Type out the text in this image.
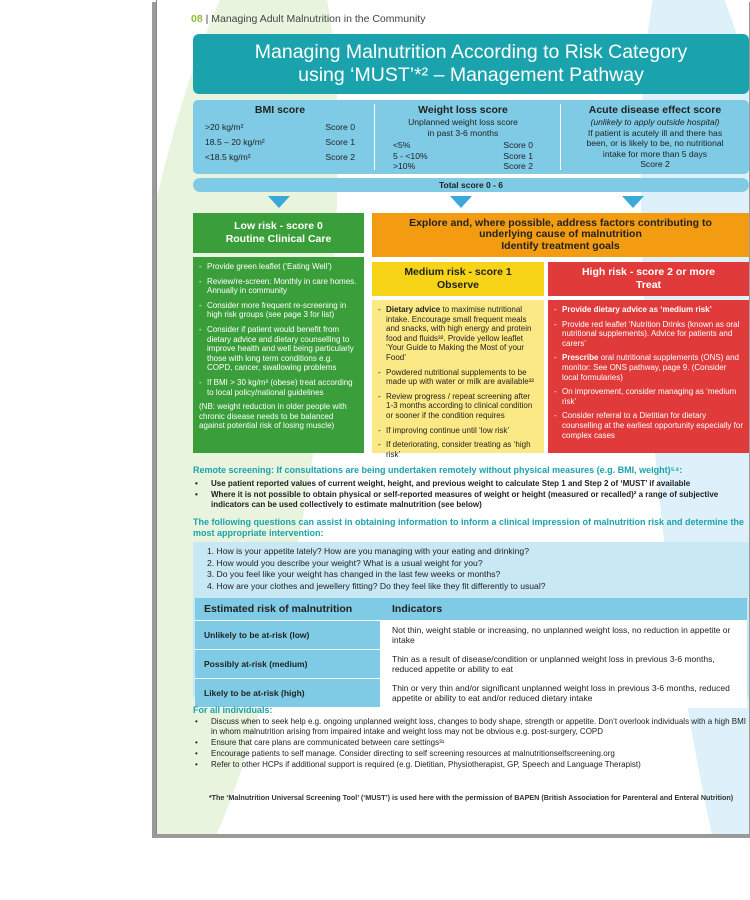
08 | Managing Adult Malnutrition in the Community
Managing Malnutrition According to Risk Category
using ‘MUST’*² – Management Pathway
BMI score
>20 kg/m²	Score 0
18.5 – 20 kg/m²	Score 1
<18.5 kg/m²	Score 2
Weight loss score
Unplanned weight loss score
in past 3-6 months
<5%	Score 0
5 - <10%	Score 1
>10%	Score 2
Acute disease effect score
(unlikely to apply outside hospital)
If patient is acutely ill and there has
been, or is likely to be, no nutritional
intake for more than 5 days
Score 2
Total score 0 - 6
Low risk - score 0
Routine Clinical Care
- Provide green leaflet (‘Eating Well’)
- Review/re-screen: Monthly in care homes. Annually in community
- Consider more frequent re-screening in high risk groups (see page 3 for list)
- Consider if patient would benefit from dietary advice and dietary counselling to improve health and well being particularly those with long term conditions e.g. COPD, cancer, swallowing problems
- If BMI > 30 kg/m² (obese) treat according to local policy/national guidelines
(NB: weight reduction in older people with chronic disease needs to be balanced against potential risk of losing muscle)
Explore and, where possible, address factors contributing to
underlying cause of malnutrition
Identify treatment goals
Medium risk - score 1
Observe
- Dietary advice to maximise nutritional intake. Encourage small frequent meals and snacks, with high energy and protein food and fluids³². Provide yellow leaflet ‘Your Guide to Making the Most of your Food’
- Powdered nutritional supplements to be made up with water or milk are available³²
- Review progress / repeat screening after 1-3 months according to clinical condition or sooner if the condition requires
- If improving continue until ‘low risk’
- If deteriorating, consider treating as ‘high risk’
High risk - score 2 or more
Treat
- Provide dietary advice as ‘medium risk’
- Provide red leaflet ‘Nutrition Drinks (known as oral nutritional supplements). Advice for patients and carers’
- Prescribe oral nutritional supplements (ONS) and monitor: See ONS pathway, page 9. (Consider local formularies)
- On improvement, consider managing as ‘medium risk’
- Consider referral to a Dietitian for dietary counselling at the earliest opportunity especially for complex cases
Remote screening: If consultations are being undertaken remotely without physical measures (e.g. BMI, weight)⁵⁴:
• Use patient reported values of current weight, height, and previous weight to calculate Step 1 and Step 2 of ‘MUST’ if available
• Where it is not possible to obtain physical or self-reported measures of weight or height (measured or recalled)² a range of subjective indicators can be used collectively to estimate malnutrition (see below)
The following questions can assist in obtaining information to inform a clinical impression of malnutrition risk and determine the most appropriate intervention:
1. How is your appetite lately? How are you managing with your eating and drinking?
2. How would you describe your weight? What is a usual weight for you?
3. Do you feel like your weight has changed in the last few weeks or months?
4. How are your clothes and jewellery fitting? Do they feel like they fit differently to usual?
Estimated risk of malnutrition	Indicators
Unlikely to be at-risk (low)	Not thin, weight stable or increasing, no unplanned weight loss, no reduction in appetite or intake
Possibly at-risk (medium)	Thin as a result of disease/condition or unplanned weight loss in previous 3-6 months, reduced appetite or ability to eat
Likely to be at-risk (high)	Thin or very thin and/or significant unplanned weight loss in previous 3-6 months, reduced appetite or ability to eat and/or reduced dietary intake
For all individuals:
• Discuss when to seek help e.g. ongoing unplanned weight loss, changes to body shape, strength or appetite. Don’t overlook individuals with a high BMI in whom malnutrition arising from impaired intake and weight loss may not be obvious e.g. post-surgery, COPD
• Ensure that care plans are communicated between care settings³¹
• Encourage patients to self manage. Consider directing to self screening resources at malnutritionselfscreening.org
• Refer to other HCPs if additional support is required (e.g. Dietitian, Physiotherapist, GP, Speech and Language Therapist)
*The ‘Malnutrition Universal Screening Tool’ (‘MUST’) is used here with the permission of BAPEN (British Association for Parenteral and Enteral Nutrition)
